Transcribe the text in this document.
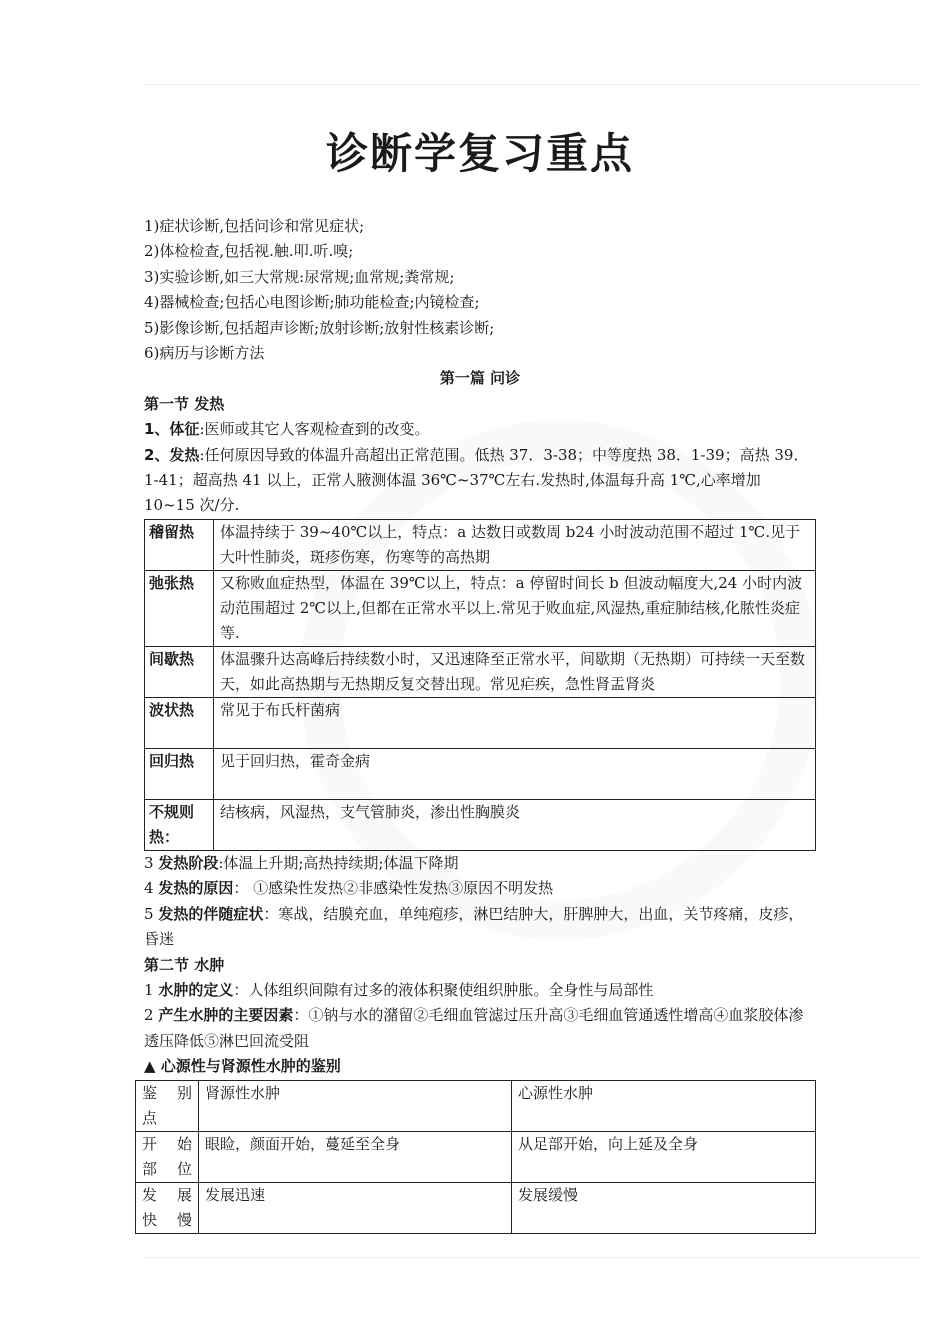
诊断学复习重点

1)症状诊断,包括问诊和常见症状;

2)体检检查,包括视.触.叩.听.嗅;

3)实验诊断,如三大常规:尿常规;血常规;粪常规;

4)器械检查;包括心电图诊断;肺功能检查;内镜检查;

5)影像诊断,包括超声诊断;放射诊断;放射性核素诊断;

6)病历与诊断方法

第一篇 问诊

第一节 发热

1、体征:医师或其它人客观检查到的改变。

2、发热:任何原因导致的体温升高超出正常范围。低热 37．3-38；中等度热 38．1-39；高热 39．1-41；超高热 41 以上，正常人腋测体温 36℃~37℃左右.发热时,体温每升高 1℃,心率增加 10~15 次/分.

稽留热	体温持续于 39~40℃以上，特点：a 达数日或数周 b24 小时波动范围不超过 1℃.见于大叶性肺炎，斑疹伤寒，伤寒等的高热期
弛张热	又称败血症热型，体温在 39℃以上，特点：a 停留时间长 b 但波动幅度大,24 小时内波动范围超过 2℃以上,但都在正常水平以上.常见于败血症,风湿热,重症肺结核,化脓性炎症等.
间歇热	体温骤升达高峰后持续数小时，又迅速降至正常水平，间歇期（无热期）可持续一天至数天，如此高热期与无热期反复交替出现。常见疟疾，急性肾盂肾炎
波状热	常见于布氏杆菌病
回归热	见于回归热，霍奇金病
不规则热：	结核病，风湿热，支气管肺炎，渗出性胸膜炎

3 发热阶段:体温上升期;高热持续期;体温下降期

4 发热的原因： ①感染性发热②非感染性发热③原因不明发热

5 发热的伴随症状：寒战，结膜充血，单纯疱疹，淋巴结肿大，肝脾肿大，出血，关节疼痛，皮疹，昏迷

第二节 水肿

1 水肿的定义：人体组织间隙有过多的液体积聚使组织肿胀。全身性与局部性

2 产生水肿的主要因素：①钠与水的潴留②毛细血管滤过压升高③毛细血管通透性增高④血浆胶体渗透压降低⑤淋巴回流受阻

▲ 心源性与肾源性水肿的鉴别

鉴 别 点	肾源性水肿	心源性水肿
开 始 部位	眼睑，颜面开始，蔓延至全身	从足部开始，向上延及全身
发 展 快慢	发展迅速	发展缓慢
